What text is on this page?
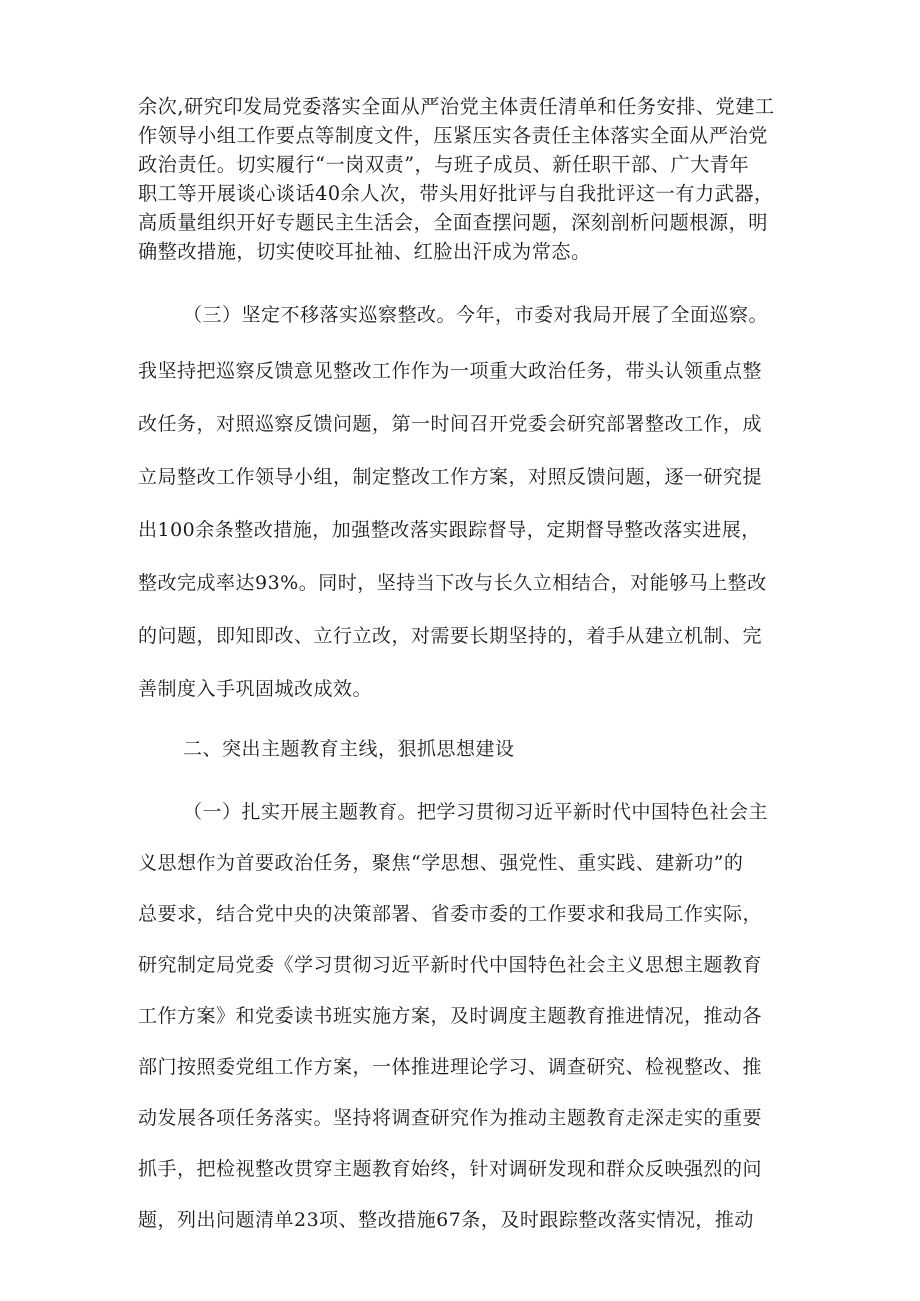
余次,研究印发局党委落实全面从严治党主体责任清单和任务安排、党建工
作领导小组工作要点等制度文件，压紧压实各责任主体落实全面从严治党
政治责任。切实履行“一岗双责”，与班子成员、新任职干部、广大青年
职工等开展谈心谈话40余人次，带头用好批评与自我批评这一有力武器，
高质量组织开好专题民主生活会，全面查摆问题，深刻剖析问题根源，明
确整改措施，切实使咬耳扯袖、红脸出汗成为常态。
（三）坚定不移落实巡察整改。今年，市委对我局开展了全面巡察。
我坚持把巡察反馈意见整改工作作为一项重大政治任务，带头认领重点整
改任务，对照巡察反馈问题，第一时间召开党委会研究部署整改工作，成
立局整改工作领导小组，制定整改工作方案，对照反馈问题，逐一研究提
出100余条整改措施，加强整改落实跟踪督导，定期督导整改落实进展，
整改完成率达93%。同时，坚持当下改与长久立相结合，对能够马上整改
的问题，即知即改、立行立改，对需要长期坚持的，着手从建立机制、完
善制度入手巩固城改成效。
二、突出主题教育主线，狠抓思想建设
（一）扎实开展主题教育。把学习贯彻习近平新时代中国特色社会主
义思想作为首要政治任务，聚焦“学思想、强党性、重实践、建新功”的
总要求，结合党中央的决策部署、省委市委的工作要求和我局工作实际，
研究制定局党委《学习贯彻习近平新时代中国特色社会主义思想主题教育
工作方案》和党委读书班实施方案，及时调度主题教育推进情况，推动各
部门按照委党组工作方案，一体推进理论学习、调查研究、检视整改、推
动发展各项任务落实。坚持将调查研究作为推动主题教育走深走实的重要
抓手，把检视整改贯穿主题教育始终，针对调研发现和群众反映强烈的问
题，列出问题清单23项、整改措施67条，及时跟踪整改落实情况，推动
